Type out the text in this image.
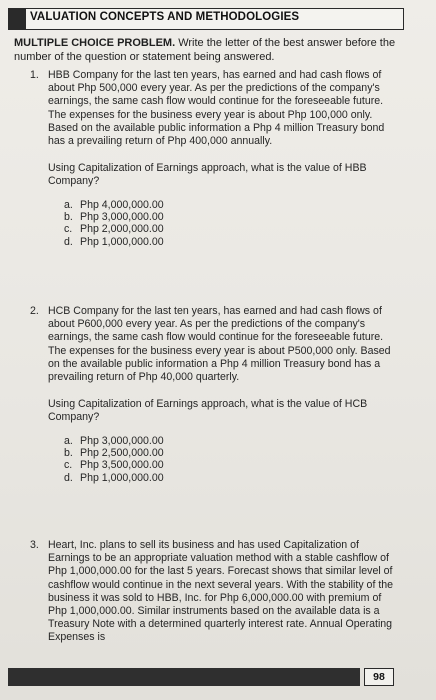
VALUATION CONCEPTS AND METHODOLOGIES
MULTIPLE CHOICE PROBLEM. Write the letter of the best answer before the number of the question or statement being answered.
1. HBB Company for the last ten years, has earned and had cash flows of about Php 500,000 every year. As per the predictions of the company's earnings, the same cash flow would continue for the foreseeable future. The expenses for the business every year is about Php 100,000 only. Based on the available public information a Php 4 million Treasury bond has a prevailing return of Php 400,000 annually.
Using Capitalization of Earnings approach, what is the value of HBB Company?
a. Php 4,000,000.00
b. Php 3,000,000.00
c. Php 2,000,000.00
d. Php 1,000,000.00
2. HCB Company for the last ten years, has earned and had cash flows of about P600,000 every year. As per the predictions of the company's earnings, the same cash flow would continue for the foreseeable future. The expenses for the business every year is about P500,000 only. Based on the available public information a Php 4 million Treasury bond has a prevailing return of Php 40,000 quarterly.
Using Capitalization of Earnings approach, what is the value of HCB Company?
a. Php 3,000,000.00
b. Php 2,500,000.00
c. Php 3,500,000.00
d. Php 1,000,000.00
3. Heart, Inc. plans to sell its business and has used Capitalization of Earnings to be an appropriate valuation method with a stable cashflow of Php 1,000,000.00 for the last 5 years. Forecast shows that similar level of cashflow would continue in the next several years. With the stability of the business it was sold to HBB, Inc. for Php 6,000,000.00 with premium of Php 1,000,000.00. Similar instruments based on the available data is a Treasury Note with a determined quarterly interest rate. Annual Operating Expenses is
98
